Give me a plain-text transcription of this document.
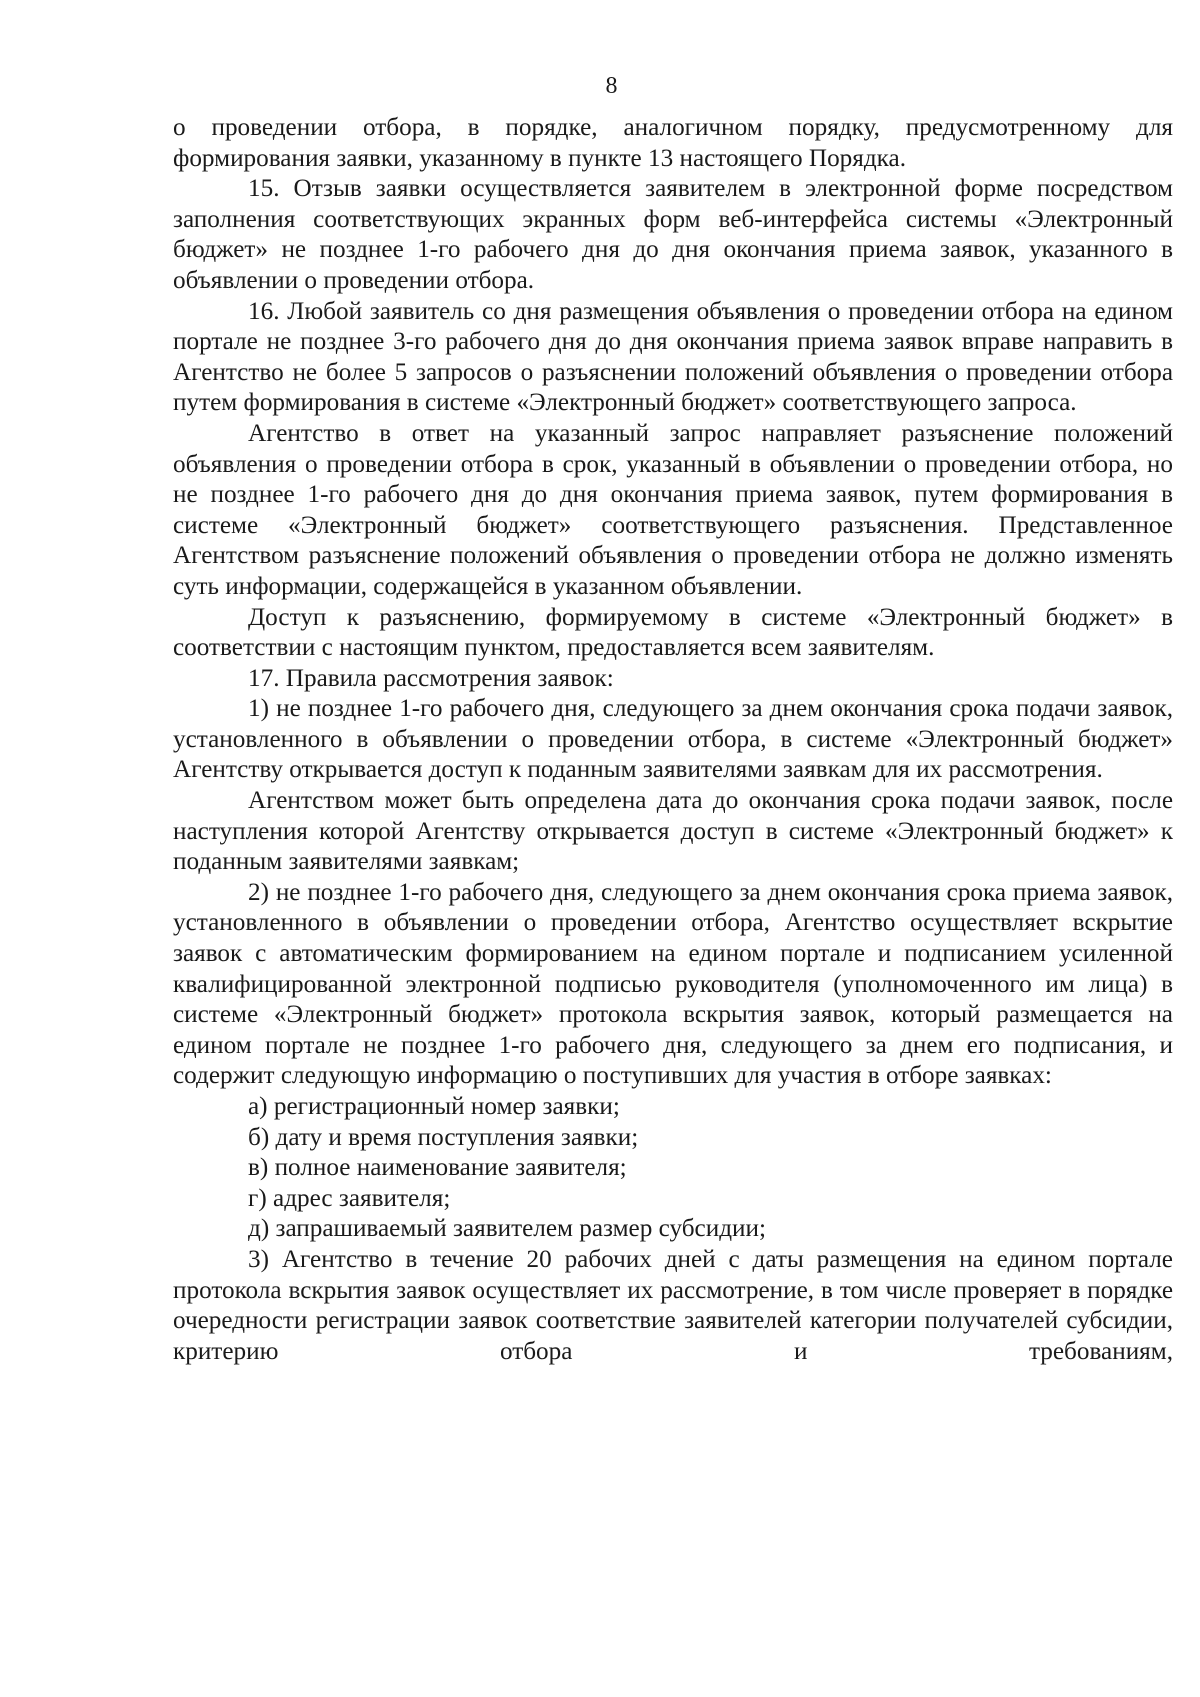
8

о проведении отбора, в порядке, аналогичном порядку, предусмотренному для формирования заявки, указанному в пункте 13 настоящего Порядка.

15. Отзыв заявки осуществляется заявителем в электронной форме посредством заполнения соответствующих экранных форм веб-интерфейса системы «Электронный бюджет» не позднее 1-го рабочего дня до дня окончания приема заявок, указанного в объявлении о проведении отбора.

16. Любой заявитель со дня размещения объявления о проведении отбора на едином портале не позднее 3-го рабочего дня до дня окончания приема заявок вправе направить в Агентство не более 5 запросов о разъяснении положений объявления о проведении отбора путем формирования в системе «Электронный бюджет» соответствующего запроса.

Агентство в ответ на указанный запрос направляет разъяснение положений объявления о проведении отбора в срок, указанный в объявлении о проведении отбора, но не позднее 1-го рабочего дня до дня окончания приема заявок, путем формирования в системе «Электронный бюджет» соответствующего разъяснения. Представленное Агентством разъяснение положений объявления о проведении отбора не должно изменять суть информации, содержащейся в указанном объявлении.

Доступ к разъяснению, формируемому в системе «Электронный бюджет» в соответствии с настоящим пунктом, предоставляется всем заявителям.

17. Правила рассмотрения заявок:

1) не позднее 1-го рабочего дня, следующего за днем окончания срока подачи заявок, установленного в объявлении о проведении отбора, в системе «Электронный бюджет» Агентству открывается доступ к поданным заявителями заявкам для их рассмотрения.

Агентством может быть определена дата до окончания срока подачи заявок, после наступления которой Агентству открывается доступ в системе «Электронный бюджет» к поданным заявителями заявкам;

2) не позднее 1-го рабочего дня, следующего за днем окончания срока приема заявок, установленного в объявлении о проведении отбора, Агентство осуществляет вскрытие заявок с автоматическим формированием на едином портале и подписанием усиленной квалифицированной электронной подписью руководителя (уполномоченного им лица) в системе «Электронный бюджет» протокола вскрытия заявок, который размещается на едином портале не позднее 1-го рабочего дня, следующего за днем его подписания, и содержит следующую информацию о поступивших для участия в отборе заявках:

а) регистрационный номер заявки;

б) дату и время поступления заявки;

в) полное наименование заявителя;

г) адрес заявителя;

д) запрашиваемый заявителем размер субсидии;

3) Агентство в течение 20 рабочих дней с даты размещения на едином портале протокола вскрытия заявок осуществляет их рассмотрение, в том числе проверяет в порядке очередности регистрации заявок соответствие заявителей категории получателей субсидии, критерию отбора и требованиям,
